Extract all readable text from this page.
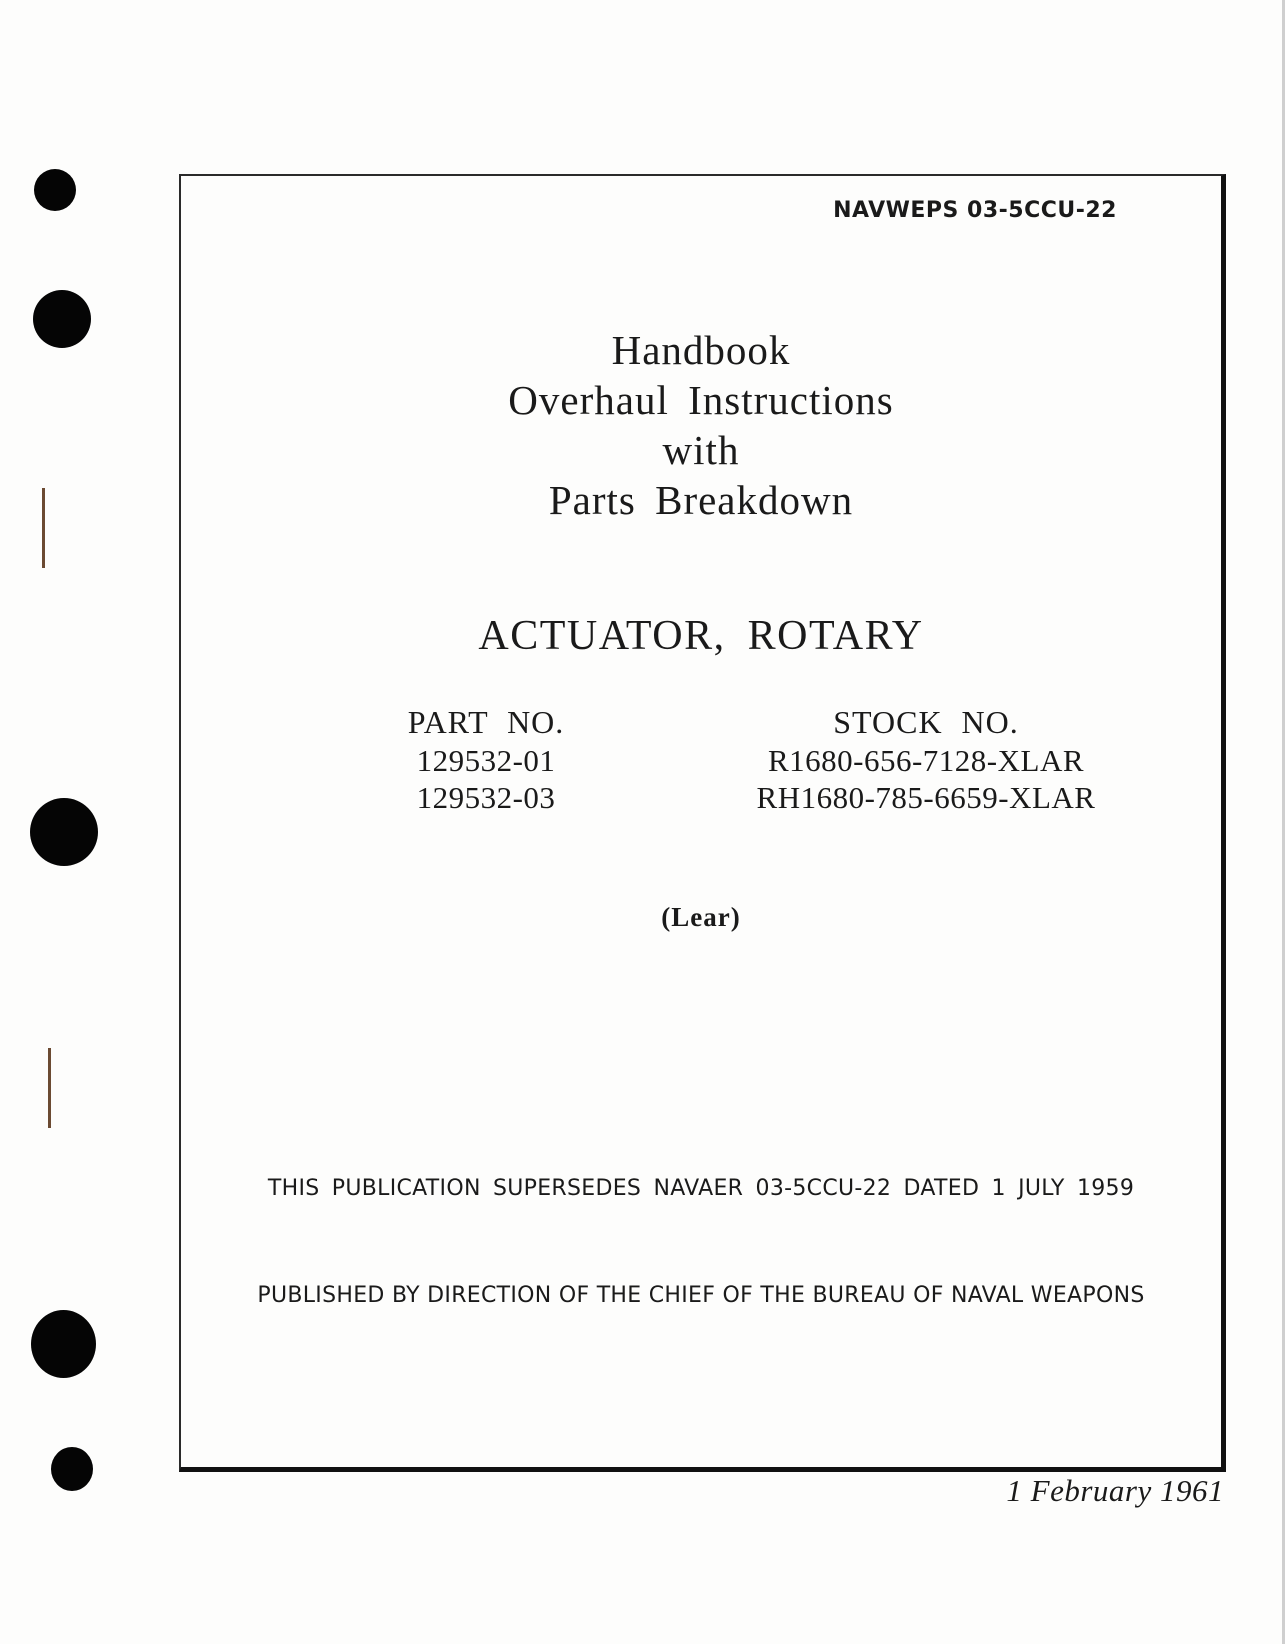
NAVWEPS 03-5CCU-22
Handbook
Overhaul Instructions
with
Parts Breakdown
ACTUATOR, ROTARY
PART NO.
129532-01
129532-03
STOCK NO.
R1680-656-7128-XLAR
RH1680-785-6659-XLAR
(Lear)
THIS PUBLICATION SUPERSEDES NAVAER 03-5CCU-22 DATED 1 JULY 1959
PUBLISHED BY DIRECTION OF THE CHIEF OF THE BUREAU OF NAVAL WEAPONS
1 February 1961
